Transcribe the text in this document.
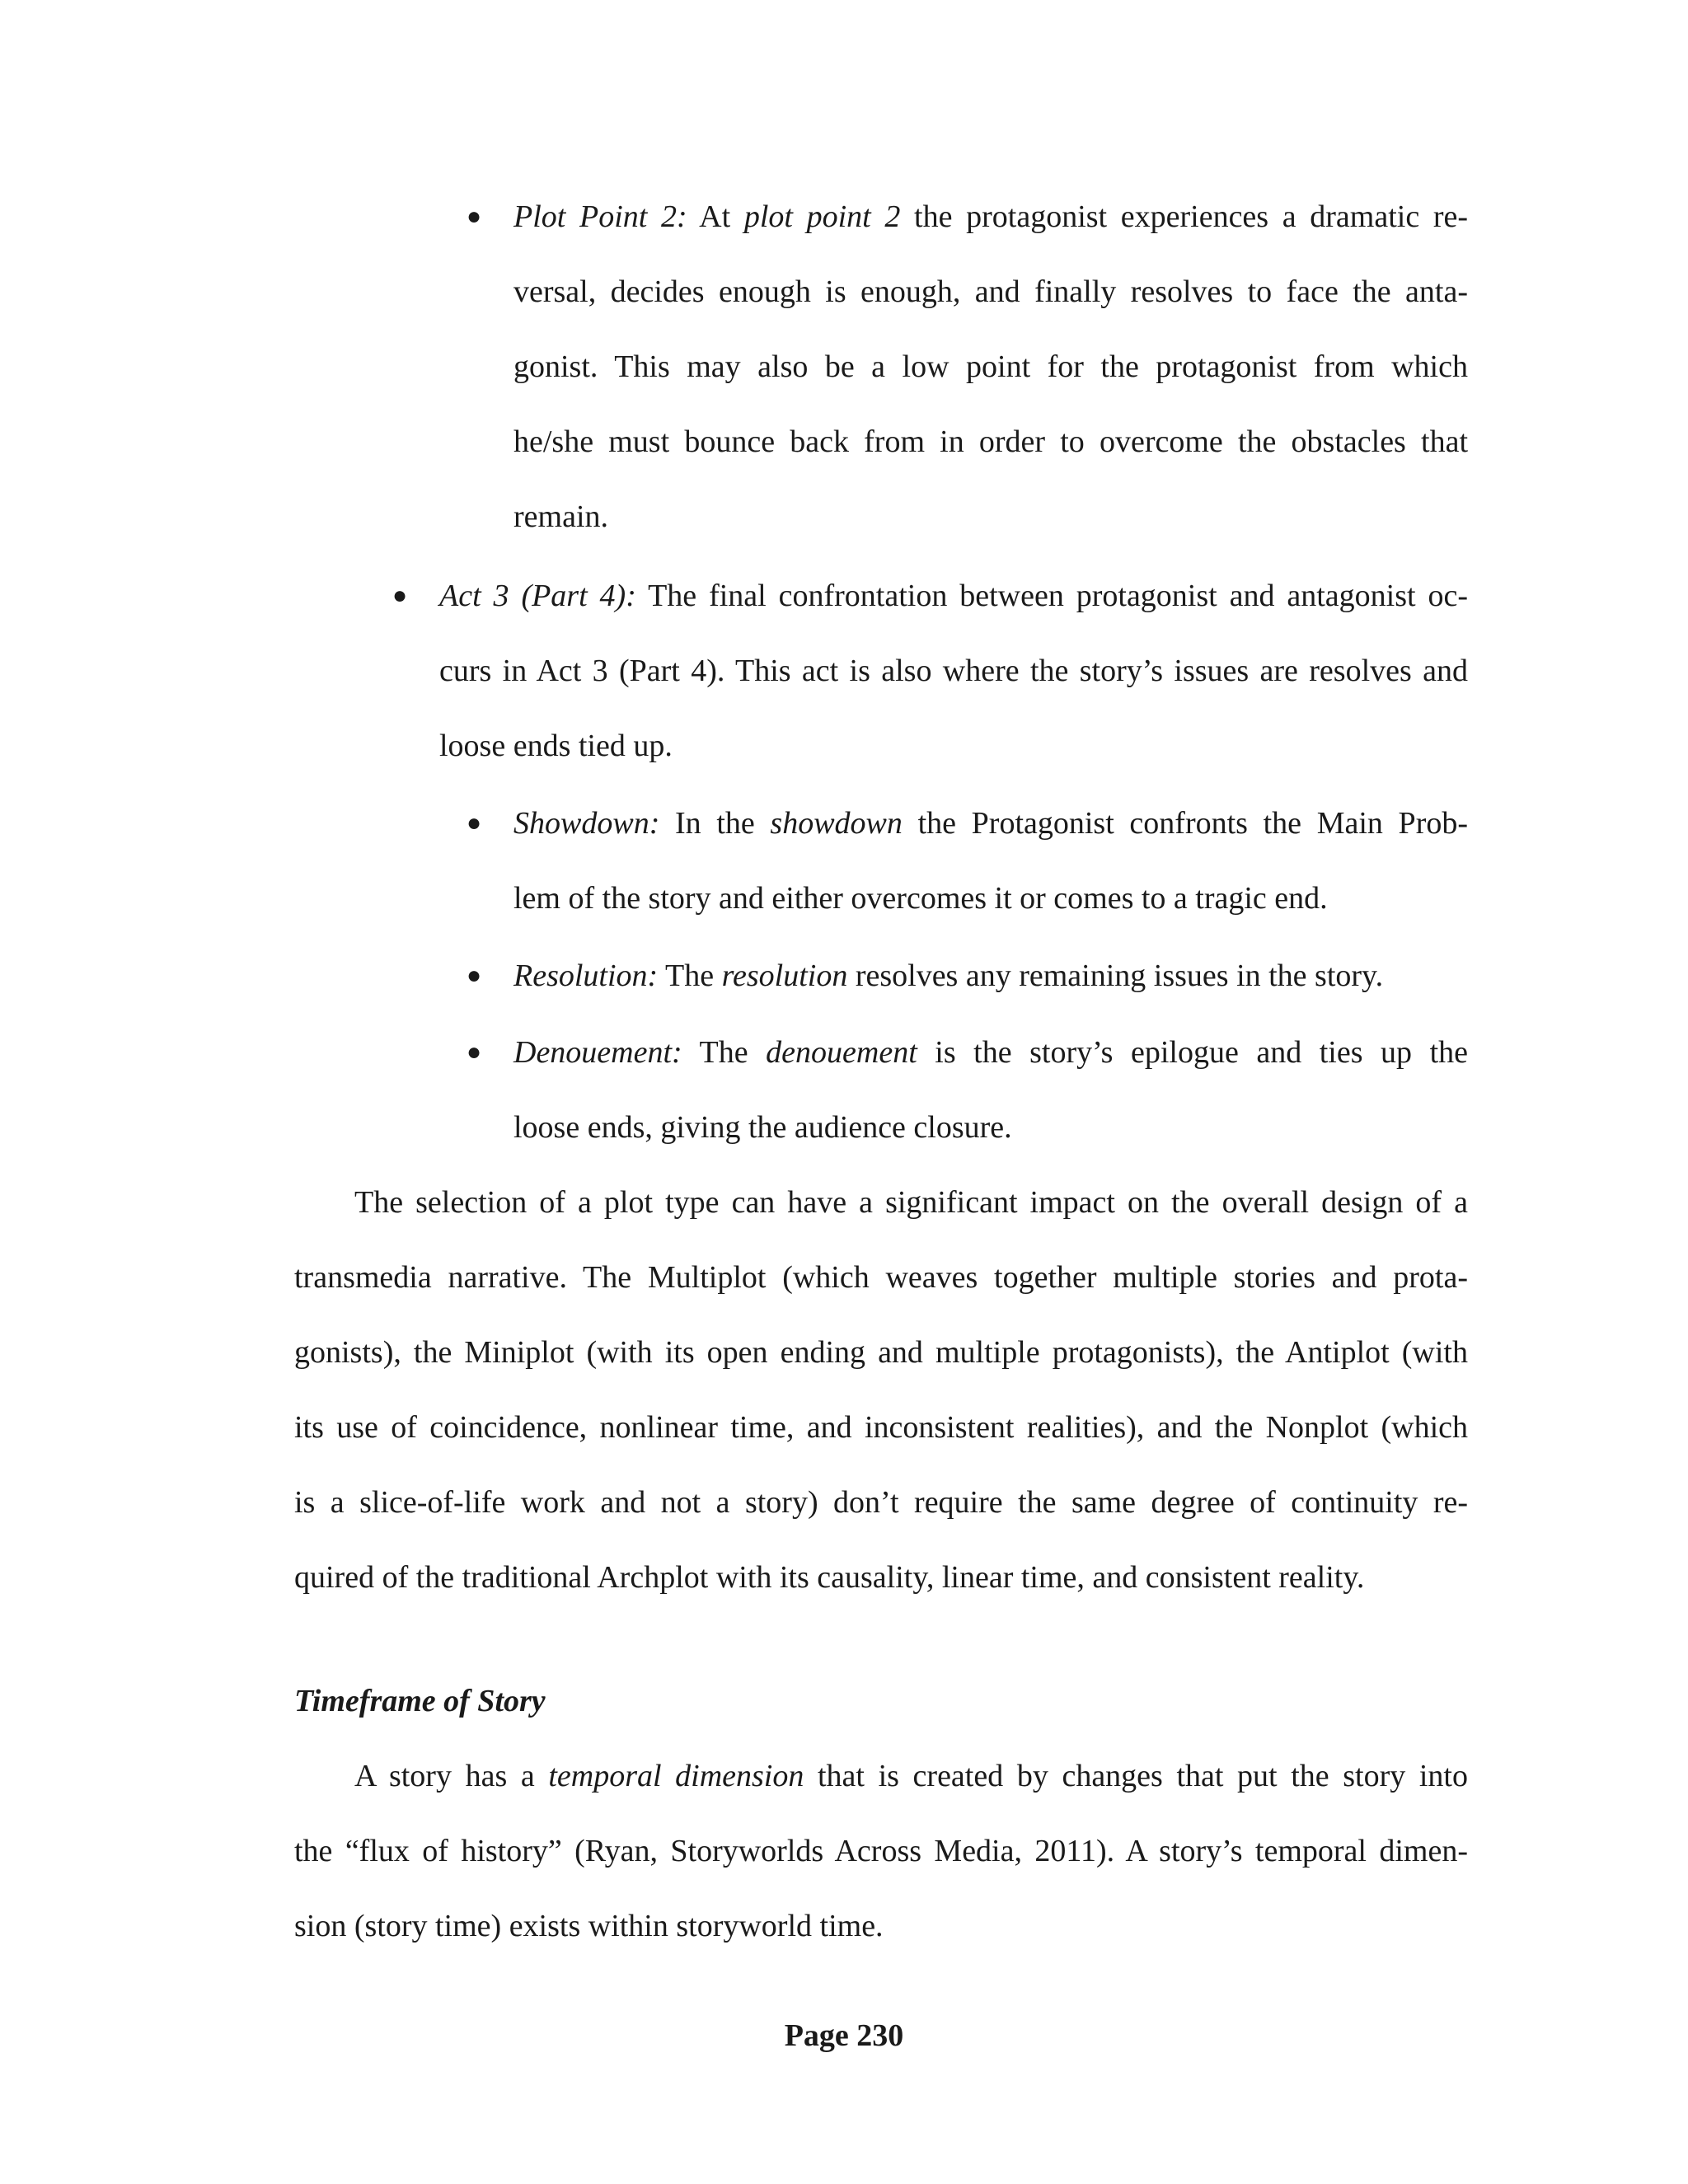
● Plot Point 2: At plot point 2 the protagonist experiences a dramatic re-
versal, decides enough is enough, and finally resolves to face the anta-
gonist. This may also be a low point for the protagonist from which
he/she must bounce back from in order to overcome the obstacles that
remain.
● Act 3 (Part 4): The final confrontation between protagonist and antagonist oc-
curs in Act 3 (Part 4). This act is also where the story’s issues are resolves and
loose ends tied up.
● Showdown: In the showdown the Protagonist confronts the Main Prob-
lem of the story and either overcomes it or comes to a tragic end.
● Resolution: The resolution resolves any remaining issues in the story.
● Denouement: The denouement is the story’s epilogue and ties up the
loose ends, giving the audience closure.
The selection of a plot type can have a significant impact on the overall design of a
transmedia narrative. The Multiplot (which weaves together multiple stories and prota-
gonists), the Miniplot (with its open ending and multiple protagonists), the Antiplot (with
its use of coincidence, nonlinear time, and inconsistent realities), and the Nonplot (which
is a slice-of-life work and not a story) don’t require the same degree of continuity re-
quired of the traditional Archplot with its causality, linear time, and consistent reality.
Timeframe of Story
A story has a temporal dimension that is created by changes that put the story into
the “flux of history” (Ryan, Storyworlds Across Media, 2011). A story’s temporal dimen-
sion (story time) exists within storyworld time.
Page 230
